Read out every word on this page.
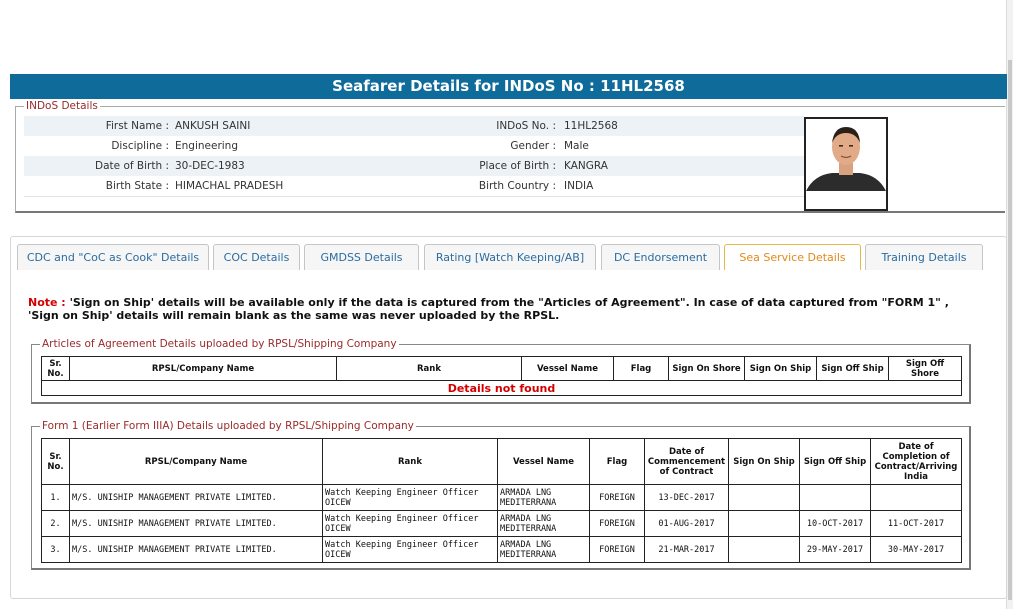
Seafarer Details for INDoS No : 11HL2568
INDoS Details
First Name : ANKUSH SAINI	INDoS No. : 11HL2568
Discipline : Engineering	Gender : Male
Date of Birth : 30-DEC-1983	Place of Birth : KANGRA
Birth State : HIMACHAL PRADESH	Birth Country : INDIA
CDC and "CoC as Cook" Details	COC Details	GMDSS Details	Rating [Watch Keeping/AB]	DC Endorsement	Sea Service Details	Training Details
Note : 'Sign on Ship' details will be available only if the data is captured from the "Articles of Agreement". In case of data captured from "FORM 1" , 'Sign on Ship' details will remain blank as the same was never uploaded by the RPSL.
Articles of Agreement Details uploaded by RPSL/Shipping Company
Sr. No.	RPSL/Company Name	Rank	Vessel Name	Flag	Sign On Shore	Sign On Ship	Sign Off Ship	Sign Off Shore
Details not found
Form 1 (Earlier Form IIIA) Details uploaded by RPSL/Shipping Company
Sr. No.	RPSL/Company Name	Rank	Vessel Name	Flag	Date of Commencement of Contract	Sign On Ship	Sign Off Ship	Date of Completion of Contract/Arriving India
1.	M/S. UNISHIP MANAGEMENT PRIVATE LIMITED.	Watch Keeping Engineer Officer OICEW	ARMADA LNG MEDITERRANA	FOREIGN	13-DEC-2017			
2.	M/S. UNISHIP MANAGEMENT PRIVATE LIMITED.	Watch Keeping Engineer Officer OICEW	ARMADA LNG MEDITERRANA	FOREIGN	01-AUG-2017		10-OCT-2017	11-OCT-2017
3.	M/S. UNISHIP MANAGEMENT PRIVATE LIMITED.	Watch Keeping Engineer Officer OICEW	ARMADA LNG MEDITERRANA	FOREIGN	21-MAR-2017		29-MAY-2017	30-MAY-2017
